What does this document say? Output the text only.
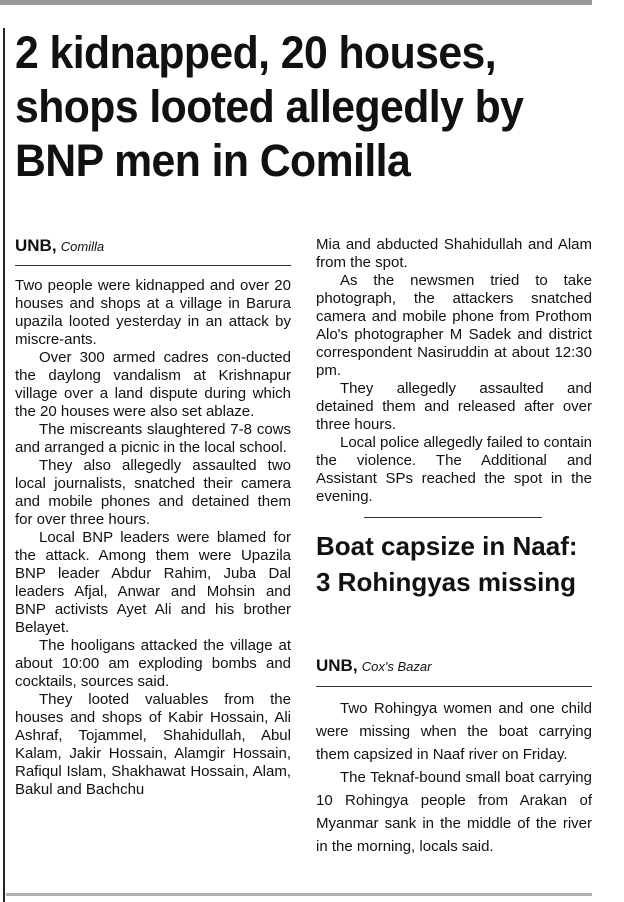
2 kidnapped, 20 houses, shops looted allegedly by BNP men in Comilla
UNB, Comilla

Two people were kidnapped and over 20 houses and shops at a village in Barura upazila looted yesterday in an attack by miscre-ants.

Over 300 armed cadres con-ducted the daylong vandalism at Krishnapur village over a land dispute during which the 20 houses were also set ablaze.

The miscreants slaughtered 7-8 cows and arranged a picnic in the local school.

They also allegedly assaulted two local journalists, snatched their camera and mobile phones and detained them for over three hours.

Local BNP leaders were blamed for the attack. Among them were Upazila BNP leader Abdur Rahim, Juba Dal leaders Afjal, Anwar and Mohsin and BNP activists Ayet Ali and his brother Belayet.

The hooligans attacked the village at about 10:00 am exploding bombs and cocktails, sources said.

They looted valuables from the houses and shops of Kabir Hossain, Ali Ashraf, Tojammel, Shahidullah, Abul Kalam, Jakir Hossain, Alamgir Hossain, Rafiqul Islam, Shakhawat Hossain, Alam, Bakul and Bachchu

Mia and abducted Shahidullah and Alam from the spot.

As the newsmen tried to take photograph, the attackers snatched camera and mobile phone from Prothom Alo's photographer M Sadek and district correspondent Nasiruddin at about 12:30 pm.

They allegedly assaulted and detained them and released after over three hours.

Local police allegedly failed to contain the violence. The Additional and Assistant SPs reached the spot in the evening.

Boat capsize in Naaf: 3 Rohingyas missing
UNB, Cox's Bazar

Two Rohingya women and one child were missing when the boat carrying them capsized in Naaf river on Friday.

The Teknaf-bound small boat carrying 10 Rohingya people from Arakan of Myanmar sank in the middle of the river in the morning, locals said.
